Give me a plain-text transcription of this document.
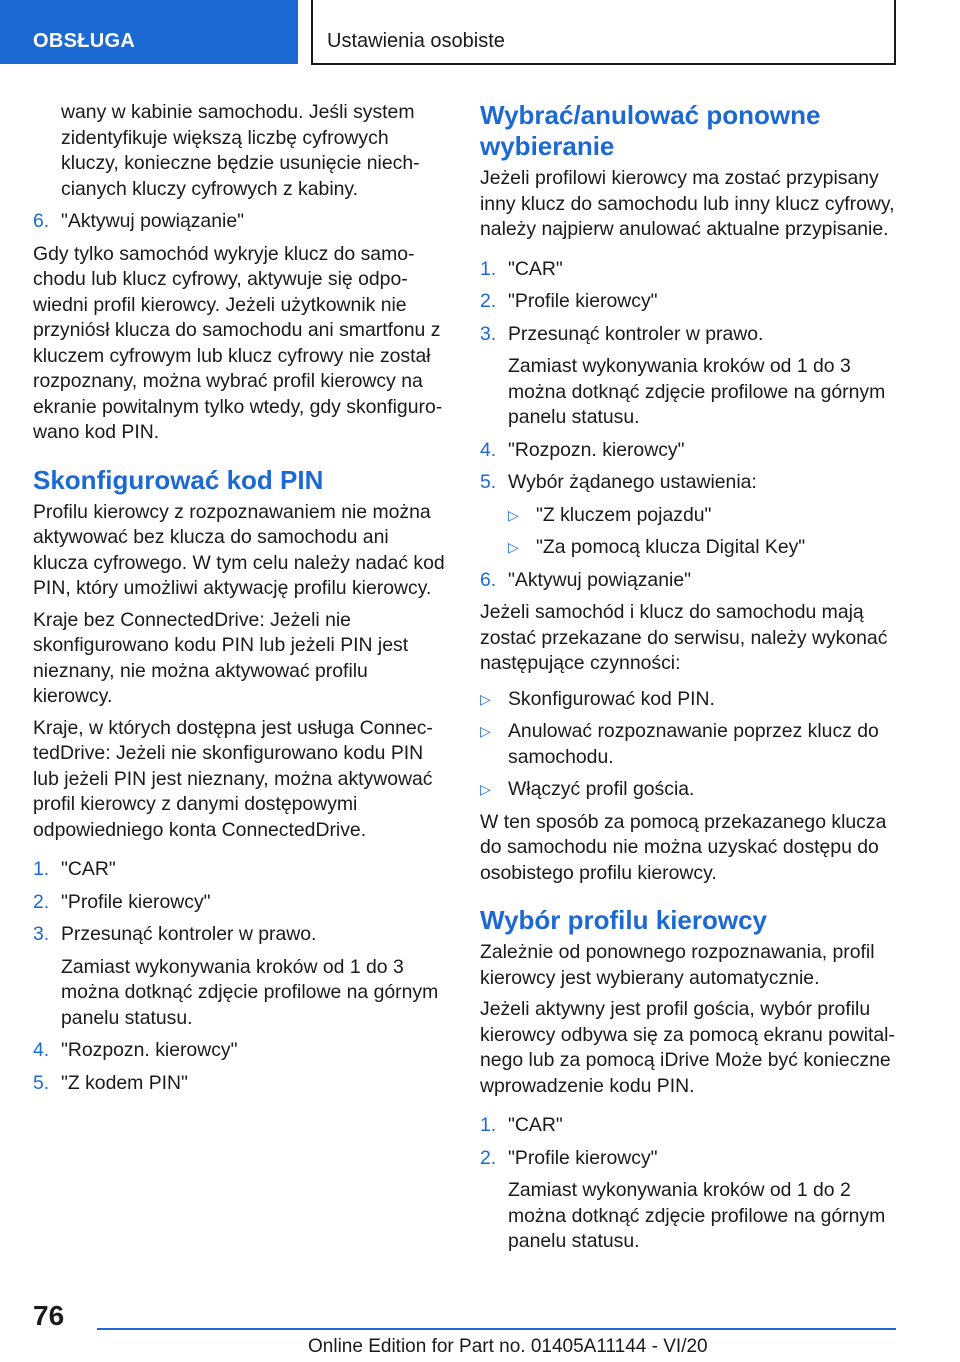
OBSŁUGA	Ustawienia osobiste
wany w kabinie samochodu. Jeśli system zidentyfikuje większą liczbę cyfrowych kluczy, konieczne będzie usunięcie niechcianych kluczy cyfrowych z kabiny.
6. "Aktywuj powiązanie"
Gdy tylko samochód wykryje klucz do samochodu lub klucz cyfrowy, aktywuje się odpowiedni profil kierowcy. Jeżeli użytkownik nie przyniósł klucza do samochodu ani smartfonu z kluczem cyfrowym lub klucz cyfrowy nie został rozpoznany, można wybrać profil kierowcy na ekranie powitalnym tylko wtedy, gdy skonfigurowano kod PIN.
Skonfigurować kod PIN
Profilu kierowcy z rozpoznawaniem nie można aktywować bez klucza do samochodu ani klucza cyfrowego. W tym celu należy nadać kod PIN, który umożliwi aktywację profilu kierowcy.
Kraje bez ConnectedDrive: Jeżeli nie skonfigurowano kodu PIN lub jeżeli PIN jest nieznany, nie można aktywować profilu kierowcy.
Kraje, w których dostępna jest usługa ConnectedDrive: Jeżeli nie skonfigurowano kodu PIN lub jeżeli PIN jest nieznany, można aktywować profil kierowcy z danymi dostępowymi odpowiedniego konta ConnectedDrive.
1. "CAR"
2. "Profile kierowcy"
3. Przesunąć kontroler w prawo.
Zamiast wykonywania kroków od 1 do 3 można dotknąć zdjęcie profilowe na górnym panelu statusu.
4. "Rozpozn. kierowcy"
5. "Z kodem PIN"
Wybrać/anulować ponowne wybieranie
Jeżeli profilowi kierowcy ma zostać przypisany inny klucz do samochodu lub inny klucz cyfrowy, należy najpierw anulować aktualne przypisanie.
1. "CAR"
2. "Profile kierowcy"
3. Przesunąć kontroler w prawo.
Zamiast wykonywania kroków od 1 do 3 można dotknąć zdjęcie profilowe na górnym panelu statusu.
4. "Rozpozn. kierowcy"
5. Wybór żądanego ustawienia:
▷ "Z kluczem pojazdu"
▷ "Za pomocą klucza Digital Key"
6. "Aktywuj powiązanie"
Jeżeli samochód i klucz do samochodu mają zostać przekazane do serwisu, należy wykonać następujące czynności:
▷ Skonfigurować kod PIN.
▷ Anulować rozpoznawanie poprzez klucz do samochodu.
▷ Włączyć profil gościa.
W ten sposób za pomocą przekazanego klucza do samochodu nie można uzyskać dostępu do osobistego profilu kierowcy.
Wybór profilu kierowcy
Zależnie od ponownego rozpoznawania, profil kierowcy jest wybierany automatycznie.
Jeżeli aktywny jest profil gościa, wybór profilu kierowcy odbywa się za pomocą ekranu powitalnego lub za pomocą iDrive Może być konieczne wprowadzenie kodu PIN.
1. "CAR"
2. "Profile kierowcy"
Zamiast wykonywania kroków od 1 do 2 można dotknąć zdjęcie profilowe na górnym panelu statusu.
76
Online Edition for Part no. 01405A11144 - VI/20
